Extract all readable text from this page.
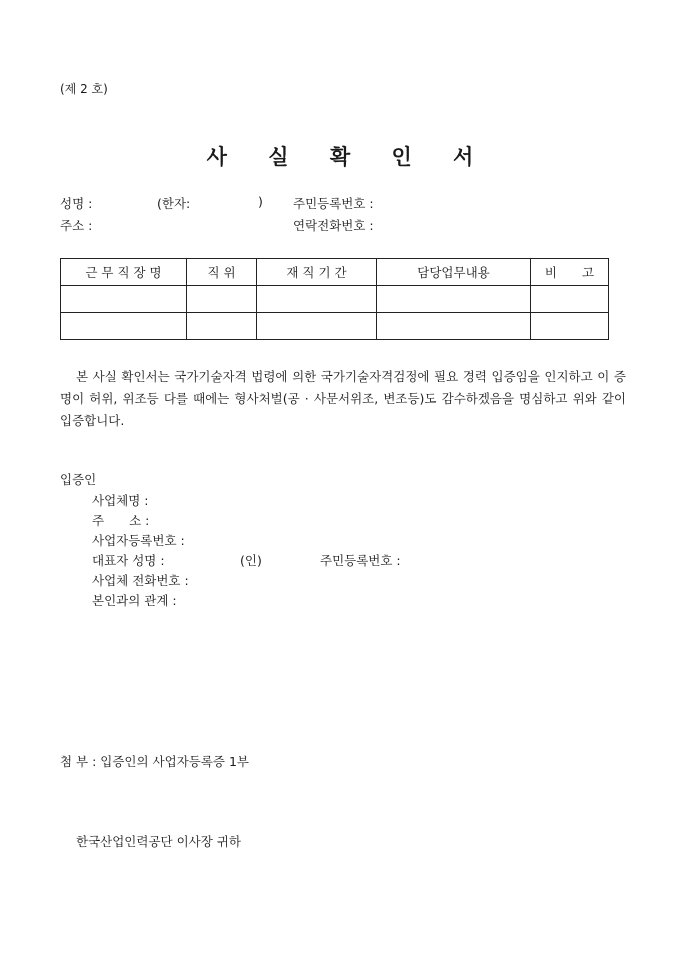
(제 2 호)
사 실 확 인 서
성명 :	(한자:	) 주민등록번호 :
주소 :	연락전화번호 :
근 무 직 장 명	직 위	재 직 기 간	담당업무내용	비　　고

본 사실 확인서는 국가기술자격 법령에 의한 국가기술자격검정에 필요 경력 입증임을 인지하고 이 증명이 허위, 위조등 다를 때에는 형사처벌(공 · 사문서위조, 변조등)도 감수하겠음을 명심하고 위와 같이 입증합니다.
입증인
사업체명 :
주　　소 :
사업자등록번호 :
대표자 성명 :	(인)	주민등록번호 :
사업체 전화번호 :
본인과의 관계 :
첨 부 : 입증인의 사업자등록증 1부
한국산업인력공단 이사장 귀하
